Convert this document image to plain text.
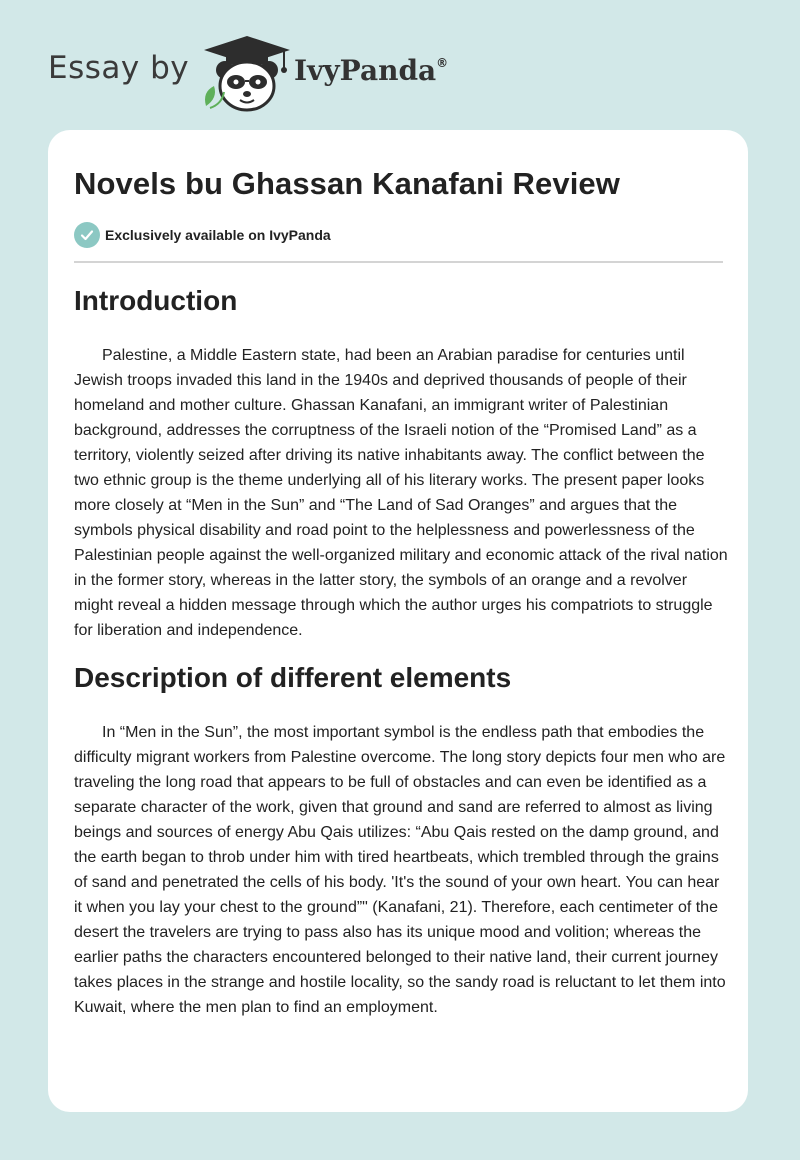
Essay by	IvyPanda®
Novels bu Ghassan Kanafani Review
Exclusively available on IvyPanda
Introduction

Palestine, a Middle Eastern state, had been an Arabian paradise for centuries until Jewish troops invaded this land in the 1940s and deprived thousands of people of their homeland and mother culture. Ghassan Kanafani, an immigrant writer of Palestinian background, addresses the corruptness of the Israeli notion of the “Promised Land” as a territory, violently seized after driving its native inhabitants away. The conflict between the two ethnic group is the theme underlying all of his literary works. The present paper looks more closely at “Men in the Sun” and “The Land of Sad Oranges” and argues that the symbols physical disability and road point to the helplessness and powerlessness of the Palestinian people against the well-organized military and economic attack of the rival nation in the former story, whereas in the latter story, the symbols of an orange and a revolver might reveal a hidden message through which the author urges his compatriots to struggle for liberation and independence.

Description of different elements

In “Men in the Sun”, the most important symbol is the endless path that embodies the difficulty migrant workers from Palestine overcome. The long story depicts four men who are traveling the long road that appears to be full of obstacles and can even be identified as a separate character of the work, given that ground and sand are referred to almost as living beings and sources of energy Abu Qais utilizes: “Abu Qais rested on the damp ground, and the earth began to throb under him with tired heartbeats, which trembled through the grains of sand and penetrated the cells of his body. 'It's the sound of your own heart. You can hear it when you lay your chest to the ground”" (Kanafani, 21). Therefore, each centimeter of the desert the travelers are trying to pass also has its unique mood and volition; whereas the earlier paths the characters encountered belonged to their native land, their current journey takes places in the strange and hostile locality, so the sandy road is reluctant to let them into Kuwait, where the men plan to find an employment.
